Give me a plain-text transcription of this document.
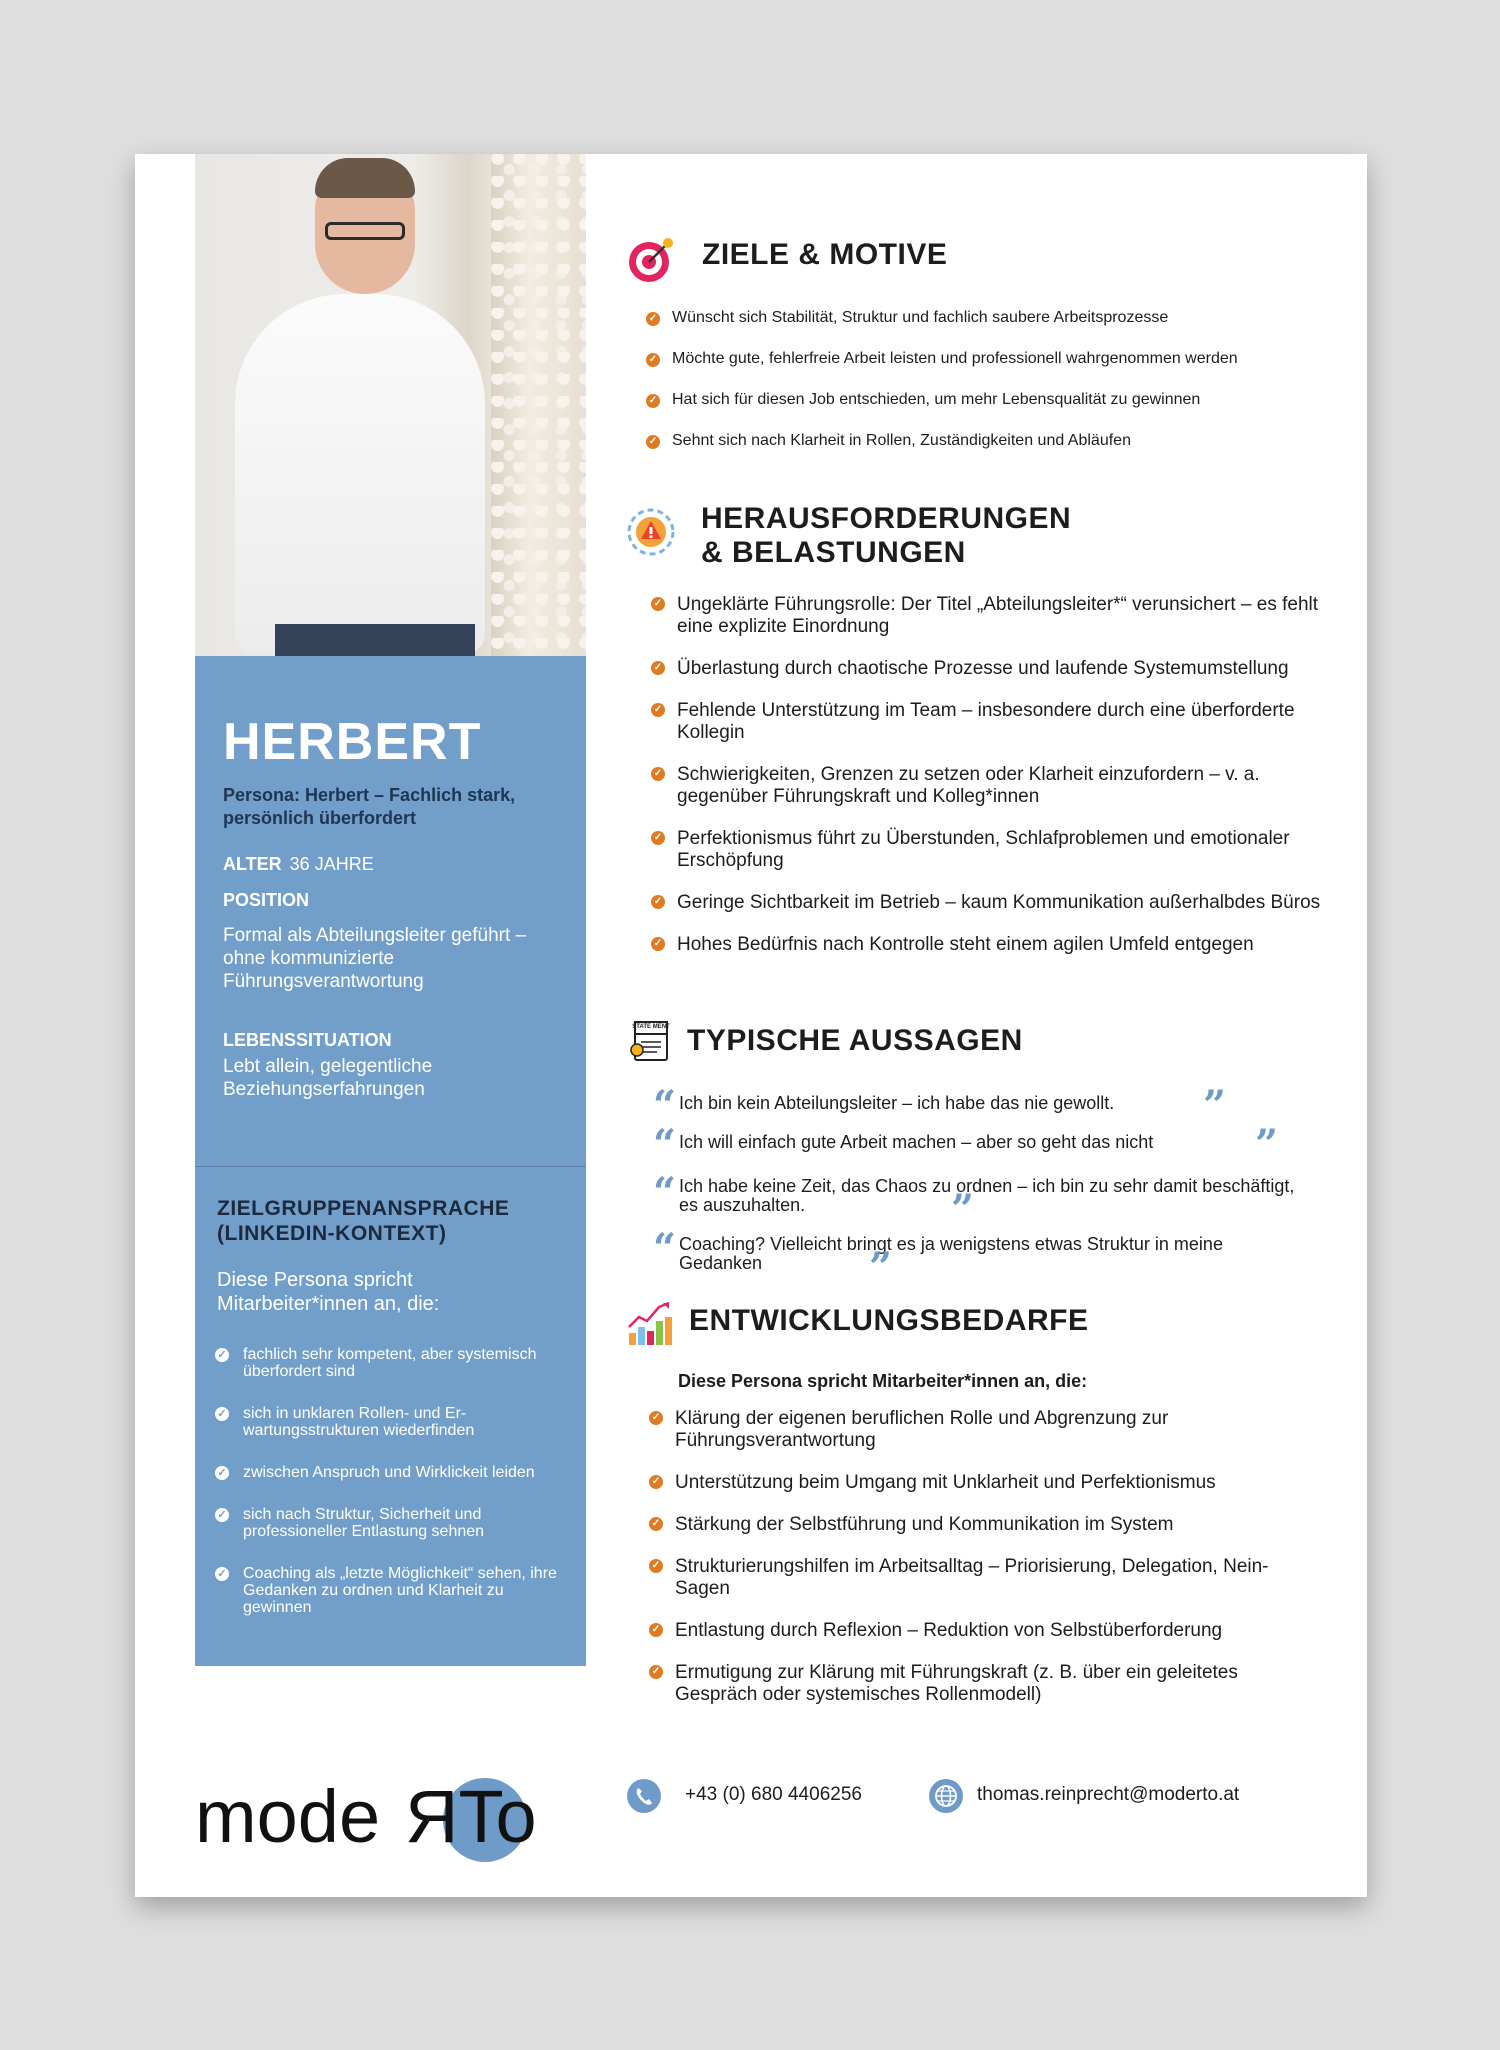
HERBERT
Persona: Herbert – Fachlich stark, persönlich überfordert
ALTER 36 JAHRE
POSITION
Formal als Abteilungsleiter geführt – ohne kommunizierte Führungsverantwortung
LEBENSSITUATION
Lebt allein, gelegentliche Beziehungserfahrungen
ZIELGRUPPENANSPRACHE (LINKEDIN-KONTEXT)
Diese Persona spricht Mitarbeiter*innen an, die:
✓ fachlich sehr kompetent, aber systemisch überfordert sind
✓ sich in unklaren Rollen- und Er-wartungsstrukturen wiederfinden
✓ zwischen Anspruch und Wirklickeit leiden
✓ sich nach Struktur, Sicherheit und professioneller Entlastung sehnen
✓ Coaching als „letzte Möglichkeit“ sehen, ihre Gedanken zu ordnen und Klarheit zu gewinnen
ZIELE & MOTIVE
✓ Wünscht sich Stabilität, Struktur und fachlich saubere Arbeitsprozesse
✓ Möchte gute, fehlerfreie Arbeit leisten und professionell wahrgenommen werden
✓ Hat sich für diesen Job entschieden, um mehr Lebensqualität zu gewinnen
✓ Sehnt sich nach Klarheit in Rollen, Zuständigkeiten und Abläufen
HERAUSFORDERUNGEN
& BELASTUNGEN
✓ Ungeklärte Führungsrolle: Der Titel „Abteilungsleiter*“ verunsichert – es fehlt eine explizite Einordnung
✓ Überlastung durch chaotische Prozesse und laufende Systemumstellung
✓ Fehlende Unterstützung im Team – insbesondere durch eine überforderte Kollegin
✓ Schwierigkeiten, Grenzen zu setzen oder Klarheit einzufordern – v. a. gegenüber Führungskraft und Kolleg*innen
✓ Perfektionismus führt zu Überstunden, Schlafproblemen und emotionaler Erschöpfung
✓ Geringe Sichtbarkeit im Betrieb – kaum Kommunikation außerhalbdes Büros
✓ Hohes Bedürfnis nach Kontrolle steht einem agilen Umfeld entgegen
STATE MENT TYPISCHE AUSSAGEN
“ Ich bin kein Abteilungsleiter – ich habe das nie gewollt. ”
“ Ich will einfach gute Arbeit machen – aber so geht das nicht	”
“ Ich habe keine Zeit, das Chaos zu ordnen – ich bin zu sehr damit beschäftigt, es auszuhalten.	”
“ Coaching? Vielleicht bringt es ja wenigstens etwas Struktur in meine Gedanken	”
ENTWICKLUNGSBEDARFE
Diese Persona spricht Mitarbeiter*innen an, die:
✓ Klärung der eigenen beruflichen Rolle und Abgrenzung zur Führungsverantwortung
✓ Unterstützung beim Umgang mit Unklarheit und Perfektionismus
✓ Stärkung der Selbstführung und Kommunikation im System
✓ Strukturierungshilfen im Arbeitsalltag – Priorisierung, Delegation, Nein-Sagen
✓ Entlastung durch Reflexion – Reduktion von Selbstüberforderung
✓ Ermutigung zur Klärung mit Führungskraft (z. B. über ein geleitetes Gespräch oder systemisches Rollenmodell)
mode ЯTo	+43 (0) 680 4406256	thomas.reinprecht@moderto.at
